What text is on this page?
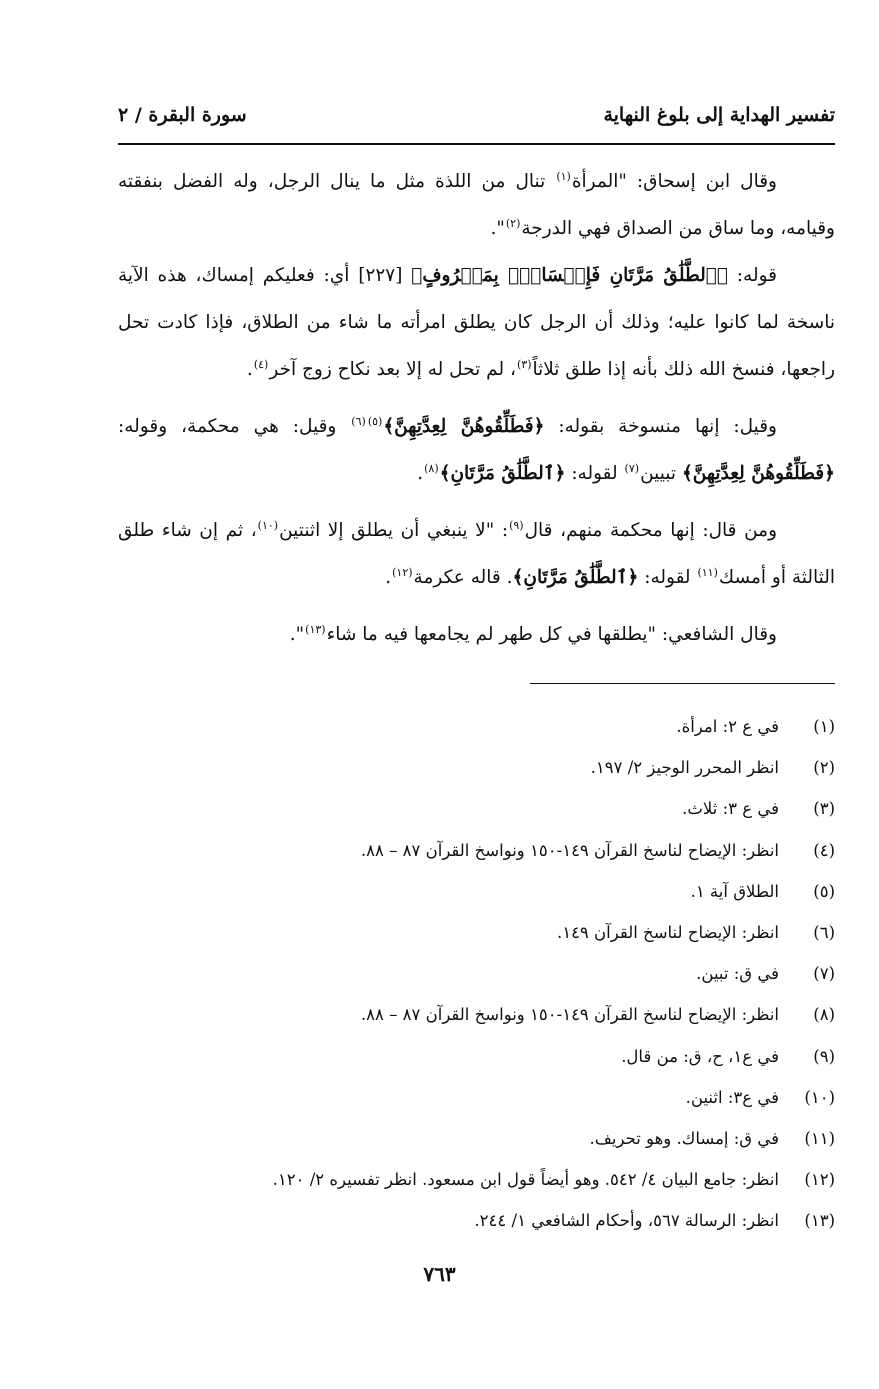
تفسير الهداية إلى بلوغ النهاية
سورة البقرة / ٢

وقال ابن إسحاق: "المرأة$^{(١)}$ تنال من اللذة مثل ما ينال الرجل، وله الفضل بنفقته وقيامه، وما ساق من الصداق فهي الدرجة$^{(٢)}$".

قوله: ﴿ٱلطَّلَٰقُ مَرَّتَانِ فَإِمۡسَاكُۢ بِمَعۡرُوفٍ﴾ [٢٢٧] أي: فعليكم إمساك، هذه الآية ناسخة لما كانوا عليه؛ وذلك أن الرجل كان يطلق امرأته ما شاء من الطلاق، فإذا كادت تحل راجعها، فنسخ الله ذلك بأنه إذا طلق ثلاثاً$^{(٣)}$، لم تحل له إلا بعد نكاح زوج آخر$^{(٤)}$.

وقيل: إنها منسوخة بقوله: ﴿فَطَلِّقُوهُنَّ لِعِدَّتِهِنَّ﴾$^{(٥)(٦)}$ وقيل: هي محكمة، وقوله: ﴿فَطَلِّقُوهُنَّ لِعِدَّتِهِنَّ﴾ تبيين$^{(٧)}$ لقوله: ﴿ٱلطَّلَٰقُ مَرَّتَانِ﴾$^{(٨)}$.

ومن قال: إنها محكمة منهم، قال$^{(٩)}$: "لا ينبغي أن يطلق إلا اثنتين$^{(١٠)}$، ثم إن شاء طلق الثالثة أو أمسك$^{(١١)}$ لقوله: ﴿ٱلطَّلَٰقُ مَرَّتَانِ﴾. قاله عكرمة$^{(١٢)}$.

وقال الشافعي: "يطلقها في كل طهر لم يجامعها فيه ما شاء$^{(١٣)}$".

(١)
في ع ٢: امرأة.
(٢)
انظر المحرر الوجيز ٢/ ١٩٧.
(٣)
في ع ٣: ثلاث.
(٤)
انظر: الإيضاح لناسخ القرآن ١٤٩-١٥٠ ونواسخ القرآن ٨٧ – ٨٨.
(٥)
الطلاق آية ١.
(٦)
انظر: الإيضاح لناسخ القرآن ١٤٩.
(٧)
في ق: تبين.
(٨)
انظر: الإيضاح لناسخ القرآن ١٤٩-١٥٠ ونواسخ القرآن ٨٧ – ٨٨.
(٩)
في ع١، ح، ق: من قال.
(١٠)
في ع٣: اثنين.
(١١)
في ق: إمساك. وهو تحريف.
(١٢)
انظر: جامع البيان ٤/ ٥٤٢. وهو أيضاً قول ابن مسعود. انظر تفسيره ٢/ ١٢٠.
(١٣)
انظر: الرسالة ٥٦٧، وأحكام الشافعي ١/ ٢٤٤.
٧٦٣
